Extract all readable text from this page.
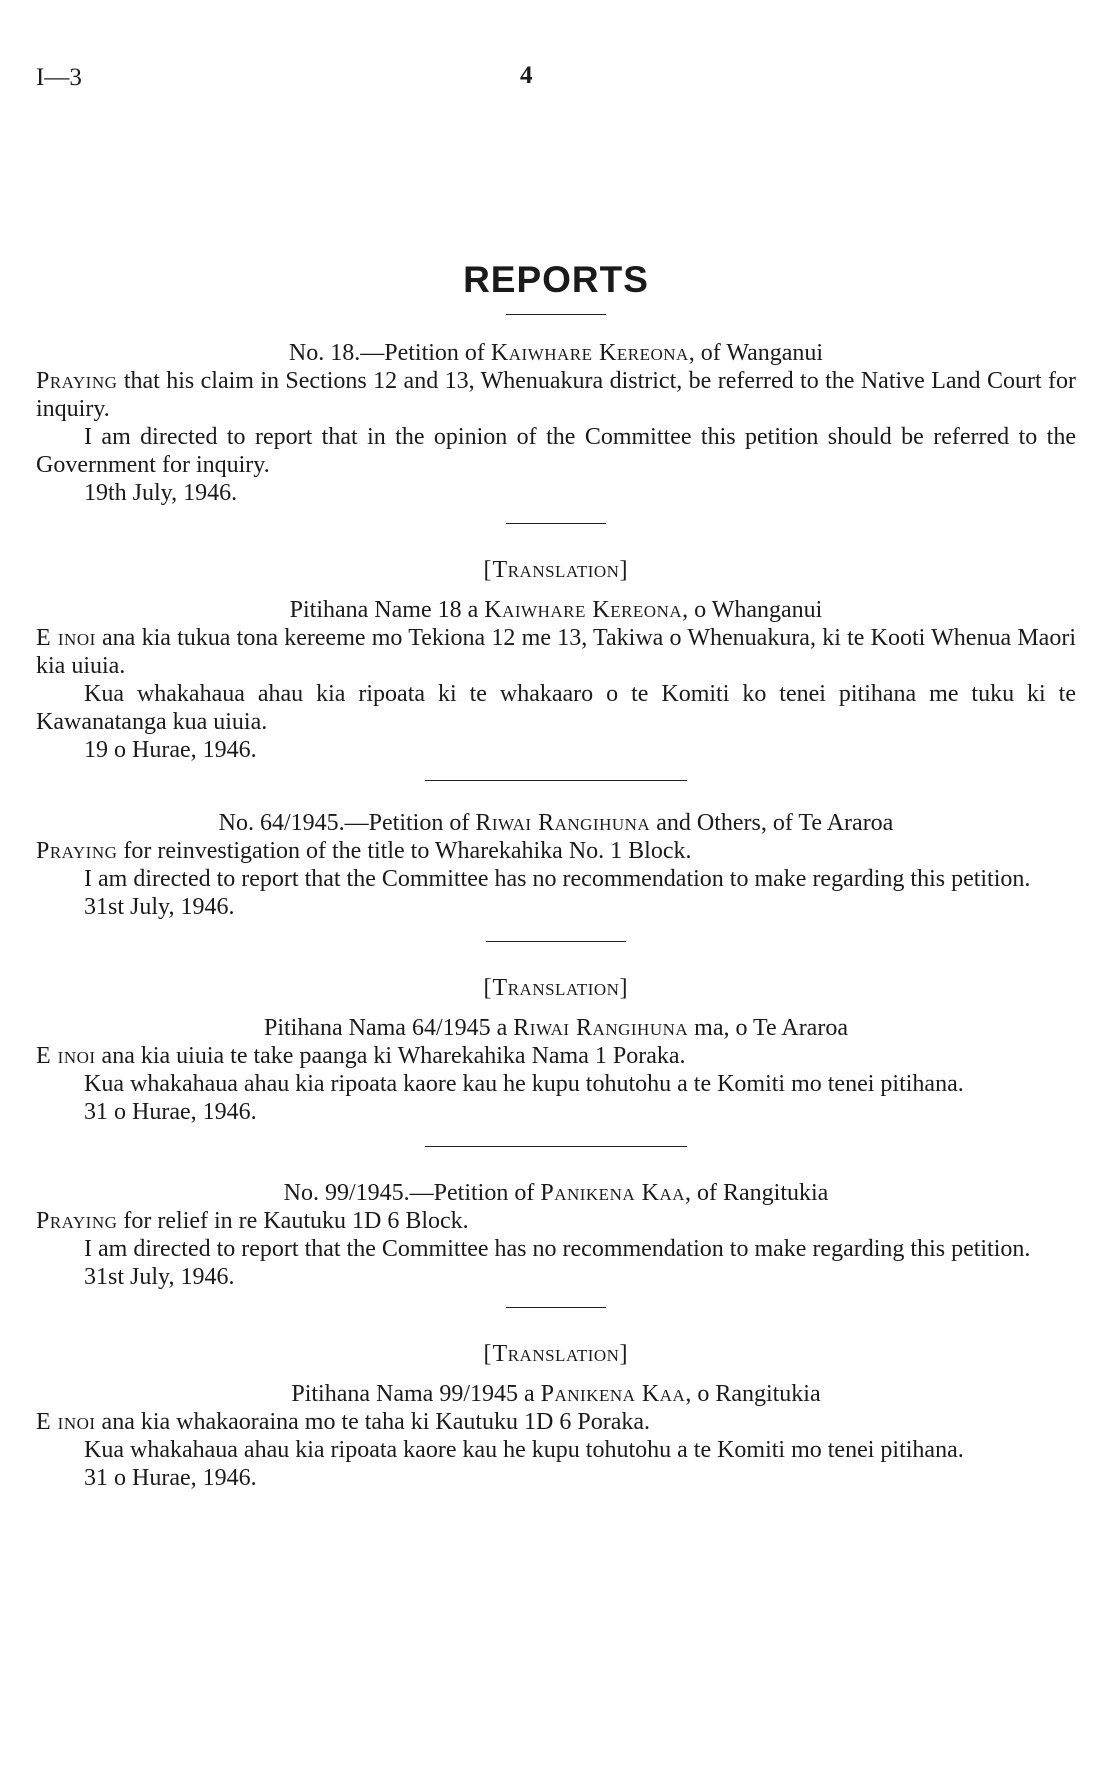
I—3	4
REPORTS

No. 18.—Petition of Kaiwhare Kereona, of Wanganui

Praying that his claim in Sections 12 and 13, Whenuakura district, be referred to the Native Land Court for inquiry.

I am directed to report that in the opinion of the Committee this petition should be referred to the Government for inquiry.

19th July, 1946.

[Translation]

Pitihana Name 18 a Kaiwhare Kereona, o Whanganui

E inoi ana kia tukua tona kereeme mo Tekiona 12 me 13, Takiwa o Whenuakura, ki te Kooti Whenua Maori kia uiuia.

Kua whakahaua ahau kia ripoata ki te whakaaro o te Komiti ko tenei pitihana me tuku ki te Kawanatanga kua uiuia.

19 o Hurae, 1946.

No. 64/1945.—Petition of Riwai Rangihuna and Others, of Te Araroa

Praying for reinvestigation of the title to Wharekahika No. 1 Block.

I am directed to report that the Committee has no recommendation to make regarding this petition.

31st July, 1946.

[Translation]

Pitihana Nama 64/1945 a Riwai Rangihuna ma, o Te Araroa

E inoi ana kia uiuia te take paanga ki Wharekahika Nama 1 Poraka.

Kua whakahaua ahau kia ripoata kaore kau he kupu tohutohu a te Komiti mo tenei pitihana.

31 o Hurae, 1946.

No. 99/1945.—Petition of Panikena Kaa, of Rangitukia

Praying for relief in re Kautuku 1D 6 Block.

I am directed to report that the Committee has no recommendation to make regarding this petition.

31st July, 1946.

[Translation]

Pitihana Nama 99/1945 a Panikena Kaa, o Rangitukia

E inoi ana kia whakaoraina mo te taha ki Kautuku 1D 6 Poraka.

Kua whakahaua ahau kia ripoata kaore kau he kupu tohutohu a te Komiti mo tenei pitihana.

31 o Hurae, 1946.
